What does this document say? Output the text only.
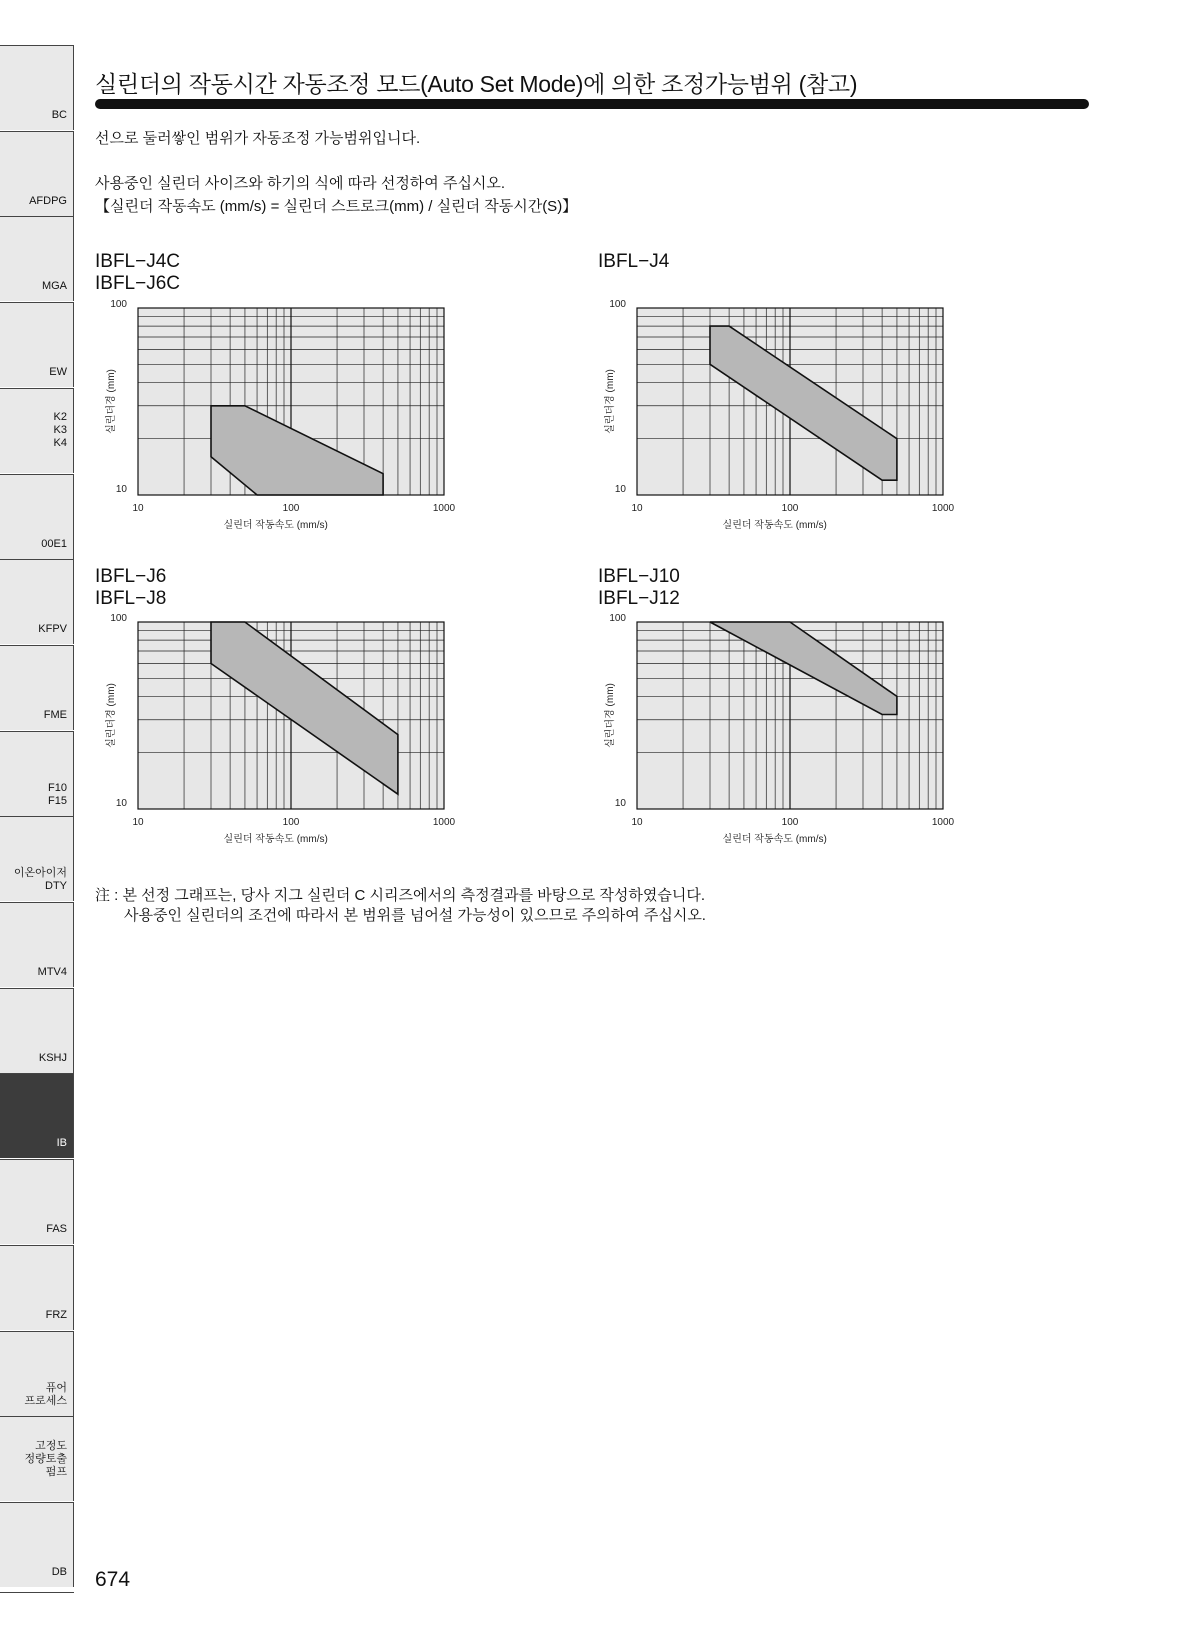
BC
AFDPG
MGA
EW
K2
K3
K4
00E1
KFPV
FME
F10
F15
이온아이저
DTY
MTV4
KSHJ
IB
FAS
FRZ
퓨어
프로세스
고정도
정량토출
펌프
DB
실린더의 작동시간 자동조정 모드(Auto Set Mode)에 의한 조정가능범위 (참고)

선으로 둘러쌓인 범위가 자동조정 가능범위입니다.

사용중인 실린더 사이즈와 하기의 식에 따라 선정하여 주십시오.

【실린더 작동속도 (mm/s) = 실린더 스트로크(mm) / 실린더 작동시간(S)】

IBFL−J4C
IBFL−J6C
IBFL−J4
IBFL−J6
IBFL−J8
IBFL−J10
IBFL−J12
10	100	1000
10
100
실린더 작동속도 (mm/s)
실린더경 (mm)
10	100	1000
10
100
실린더 작동속도 (mm/s)
실린더경 (mm)
10	100	1000
10
100
실린더 작동속도 (mm/s)
실린더경 (mm)
10	100	1000
10
100
실린더 작동속도 (mm/s)
실린더경 (mm)
注 : 본 선정 그래프는, 당사 지그 실린더 C 시리즈에서의 측정결과를 바탕으로 작성하였습니다.
사용중인 실린더의 조건에 따라서 본 범위를 넘어설 가능성이 있으므로 주의하여 주십시오.
674
